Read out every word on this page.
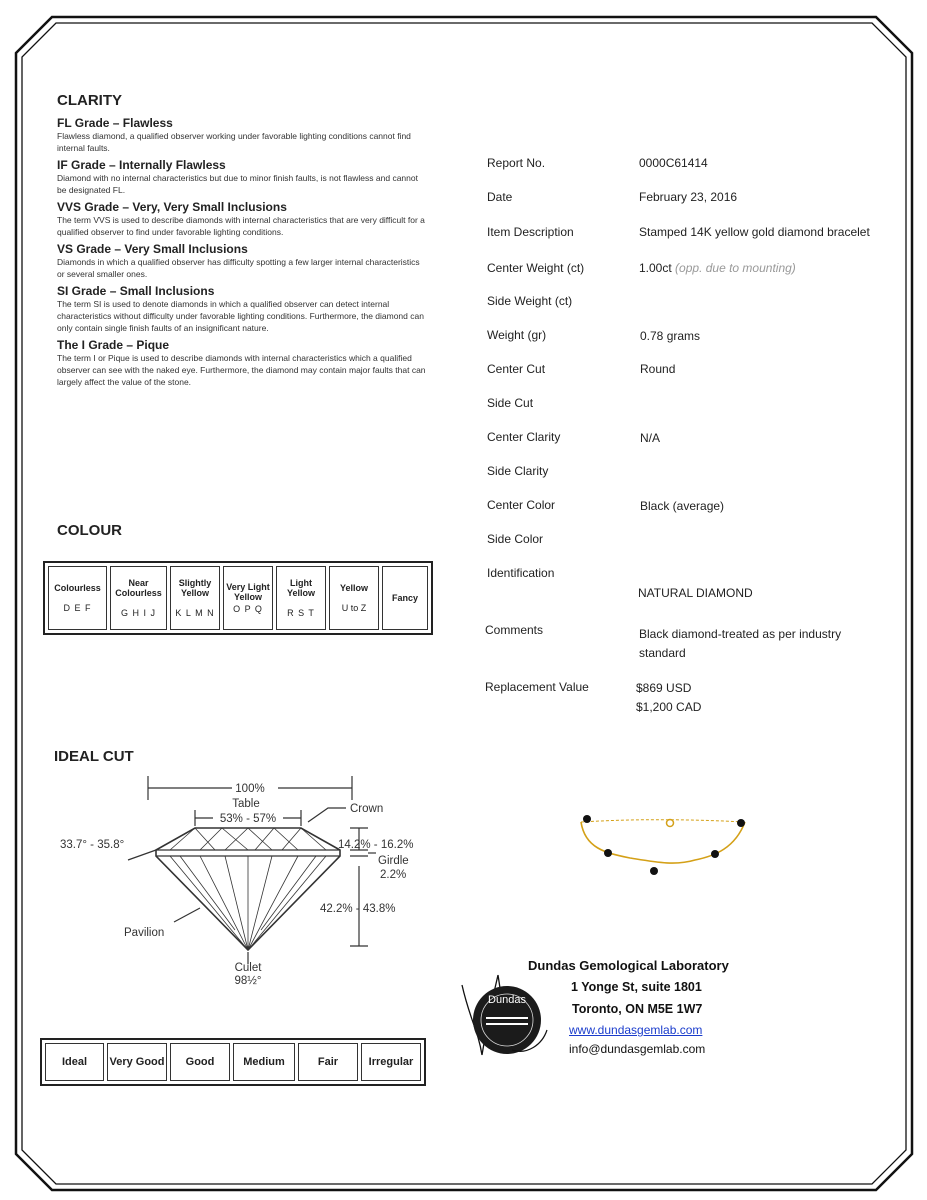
CLARITY
FL Grade – Flawless
Flawless diamond, a qualified observer working under favorable lighting conditions cannot find internal faults.
IF Grade – Internally Flawless
Diamond with no internal characteristics but due to minor finish faults, is not flawless and cannot be designated FL.
VVS Grade – Very, Very Small Inclusions
The term VVS is used to describe diamonds with internal characteristics that are very difficult for a qualified observer to find under favorable lighting conditions.
VS Grade – Very Small Inclusions
Diamonds in which a qualified observer has difficulty spotting a few larger internal characteristics or several smaller ones.
SI Grade – Small Inclusions
The term SI is used to denote diamonds in which a qualified observer can detect internal characteristics without difficulty under favorable lighting conditions. Furthermore, the diamond can only contain single finish faults of an insignificant nature.
The I Grade – Pique
The term I or Pique is used to describe diamonds with internal characteristics which a qualified observer can see with the naked eye. Furthermore, the diamond may contain major faults that can largely affect the value of the stone.
COLOUR
Colourless
D E F

Near Colourless
G H I J

Slightly Yellow
K L M N

Very Light Yellow
O P Q

Light Yellow
R S T

Yellow
U to Z

Fancy
IDEAL CUT
100%
Table
53% - 57%
Crown
33.7° - 35.8°	14.2% - 16.2%
Girdle
2.2%
42.2% - 43.8%
Pavilion
Culet
98½°
Ideal	Very Good	Good	Medium	Fair	Irregular
Report No.	0000C61414
Date	February 23, 2016
Item Description	Stamped 14K yellow gold diamond bracelet
Center Weight (ct)	1.00ct (opp. due to mounting)
Side Weight (ct)
Weight (gr)	0.78 grams
Center Cut	Round
Side Cut
Center Clarity	N/A
Side Clarity
Center Color	Black (average)
Side Color
Identification
NATURAL DIAMOND
Comments	Black diamond-treated as per industry standard
Replacement Value	$869 USD
$1,200 CAD
Dundas
Dundas Gemological Laboratory
1 Yonge St, suite 1801
Toronto, ON M5E 1W7
www.dundasgemlab.com
info@dundasgemlab.com
